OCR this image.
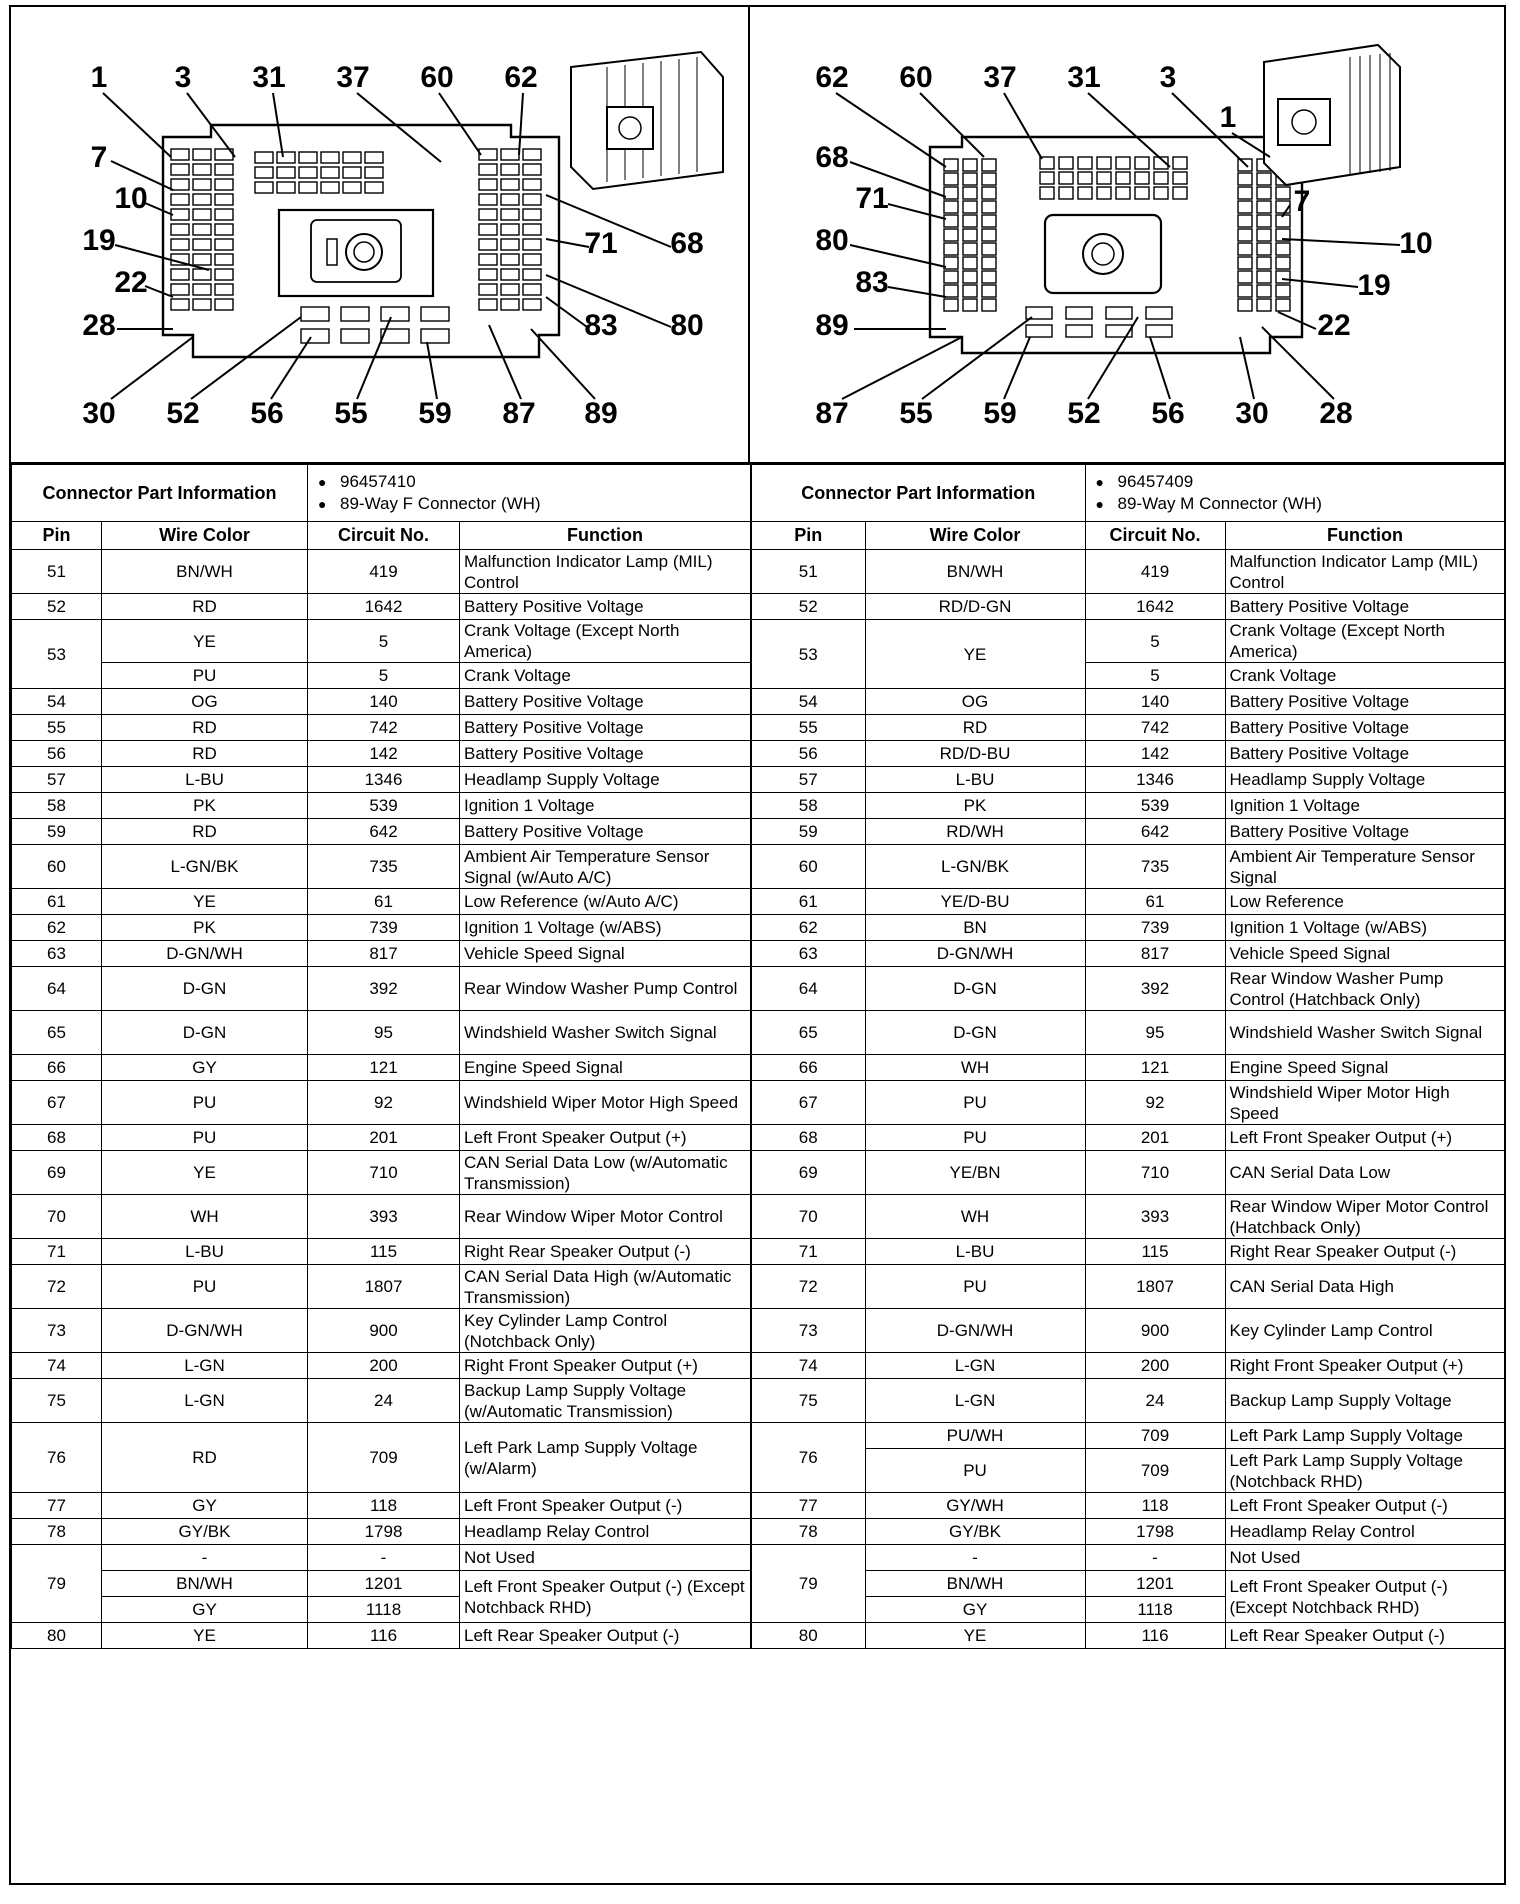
1 3 31 37 60 62
7
10
19
22
28
71 68
80
83
89
30 52 56 55 59 87
62 60 37 31 3
1
68
7
71
80	10
19
83
89	22
87 55 59 52 56 30 28
Connector Part Information		● 96457410
● 89-Way F Connector (WH)	

Pin	Wire Color	Circuit No.	Function
51	BN/WH	419	Malfunction Indicator Lamp (MIL) Control
52	RD	1642	Battery Positive Voltage
53	YE	5	Crank Voltage (Except North America)
	PU	5	Crank Voltage
54	OG	140	Battery Positive Voltage
55	RD	742	Battery Positive Voltage
56	RD	142	Battery Positive Voltage
57	L-BU	1346	Headlamp Supply Voltage
58	PK	539	Ignition 1 Voltage
59	RD	642	Battery Positive Voltage
60	L-GN/BK	735	Ambient Air Temperature Sensor Signal (w/Auto A/C)
61	YE	61	Low Reference (w/Auto A/C)
62	PK	739	Ignition 1 Voltage (w/ABS)
63	D-GN/WH	817	Vehicle Speed Signal
64	D-GN	392	Rear Window Washer Pump Control
65	D-GN	95	Windshield Washer Switch Signal
66	GY	121	Engine Speed Signal
67	PU	92	Windshield Wiper Motor High Speed
68	PU	201	Left Front Speaker Output (+)
69	YE	710	CAN Serial Data Low (w/Automatic Transmission)
70	WH	393	Rear Window Wiper Motor Control
71	L-BU	115	Right Rear Speaker Output (-)
72	PU	1807	CAN Serial Data High (w/Automatic Transmission)
73	D-GN/WH	900	Key Cylinder Lamp Control (Notchback Only)
74	L-GN	200	Right Front Speaker Output (+)
75	L-GN	24	Backup Lamp Supply Voltage (w/Automatic Transmission)
76	RD	709	Left Park Lamp Supply Voltage (w/Alarm)
77	GY	118	Left Front Speaker Output (-)
78	GY/BK	1798	Headlamp Relay Control
79	-	-	Not Used
	BN/WH	1201	Left Front Speaker Output (-) (Except Notchback RHD)
	GY	1118	
80	YE	116	Left Rear Speaker Output (-)
Connector Part Information		● 96457409
● 89-Way M Connector (WH)	

Pin	Wire Color	Circuit No.	Function
51	BN/WH	419	Malfunction Indicator Lamp (MIL) Control
52	RD/D-GN	1642	Battery Positive Voltage
53	YE	5	Crank Voltage (Except North America)
		5	Crank Voltage
54	OG	140	Battery Positive Voltage
55	RD	742	Battery Positive Voltage
56	RD/D-BU	142	Battery Positive Voltage
57	L-BU	1346	Headlamp Supply Voltage
58	PK	539	Ignition 1 Voltage
59	RD/WH	642	Battery Positive Voltage
60	L-GN/BK	735	Ambient Air Temperature Sensor Signal
61	YE/D-BU	61	Low Reference
62	BN	739	Ignition 1 Voltage (w/ABS)
63	D-GN/WH	817	Vehicle Speed Signal
64	D-GN	392	Rear Window Washer Pump Control (Hatchback Only)
65	D-GN	95	Windshield Washer Switch Signal
66	WH	121	Engine Speed Signal
67	PU	92	Windshield Wiper Motor High Speed
68	PU	201	Left Front Speaker Output (+)
69	YE/BN	710	CAN Serial Data Low
70	WH	393	Rear Window Wiper Motor Control (Hatchback Only)
71	L-BU	115	Right Rear Speaker Output (-)
72	PU	1807	CAN Serial Data High
73	D-GN/WH	900	Key Cylinder Lamp Control
74	L-GN	200	Right Front Speaker Output (+)
75	L-GN	24	Backup Lamp Supply Voltage
76	PU/WH	709	Left Park Lamp Supply Voltage
	PU	709	Left Park Lamp Supply Voltage (Notchback RHD)
77	GY/WH	118	Left Front Speaker Output (-)
78	GY/BK	1798	Headlamp Relay Control
79	-	-	Not Used
	BN/WH	1201	Left Front Speaker Output (-) (Except Notchback RHD)
	GY	1118	
80	YE	116	Left Rear Speaker Output (-)
